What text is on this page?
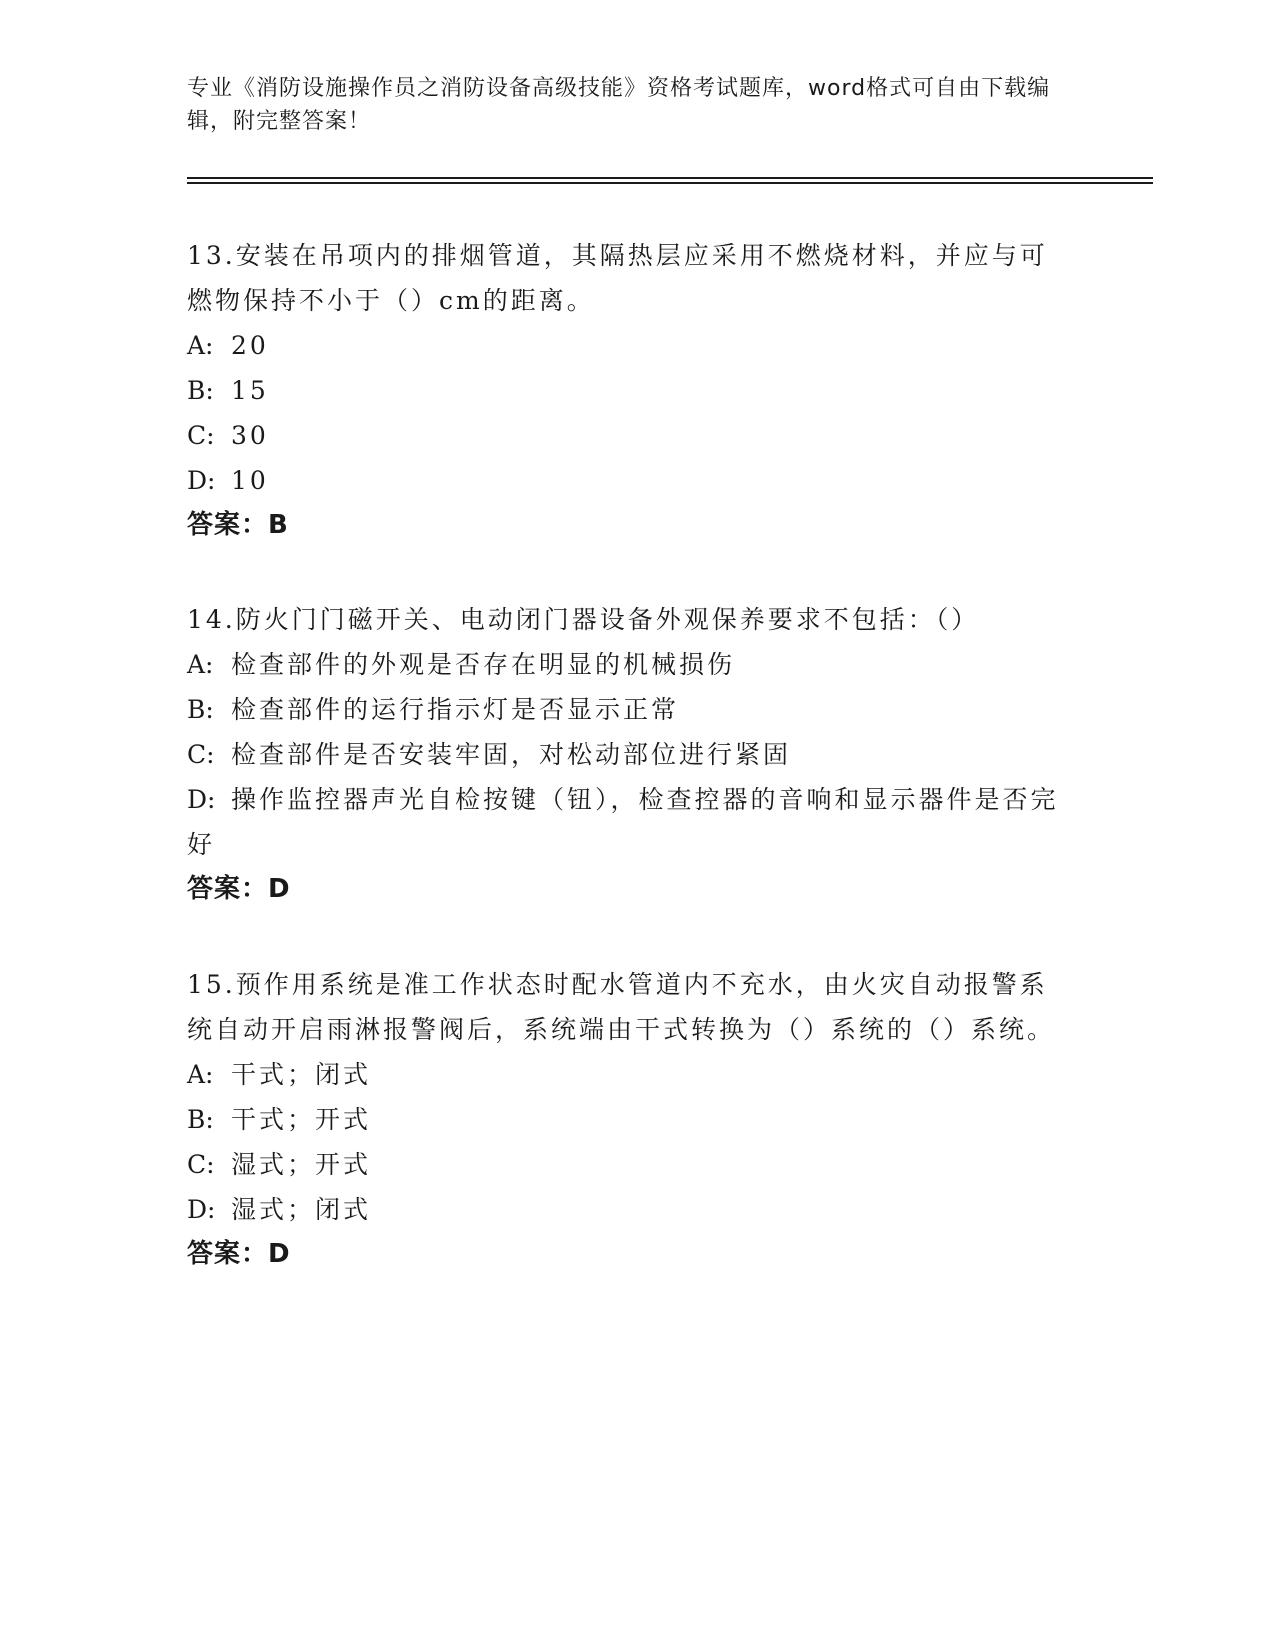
专业《消防设施操作员之消防设备高级技能》资格考试题库，word格式可自由下载编辑，附完整答案！

13.安装在吊项内的排烟管道，其隔热层应采用不燃烧材料，并应与可燃物保持不小于（）cm的距离。

A: 20

B: 15

C: 30

D: 10

答案：B

14.防火门门磁开关、电动闭门器设备外观保养要求不包括：（）

A: 检查部件的外观是否存在明显的机械损伤

B: 检查部件的运行指示灯是否显示正常

C: 检查部件是否安装牢固，对松动部位进行紧固

D: 操作监控器声光自检按键（钮），检查控器的音响和显示器件是否完好

答案：D

15.预作用系统是准工作状态时配水管道内不充水，由火灾自动报警系统自动开启雨淋报警阀后，系统端由干式转换为（）系统的（）系统。

A: 干式；闭式

B: 干式；开式

C: 湿式；开式

D: 湿式；闭式

答案：D
